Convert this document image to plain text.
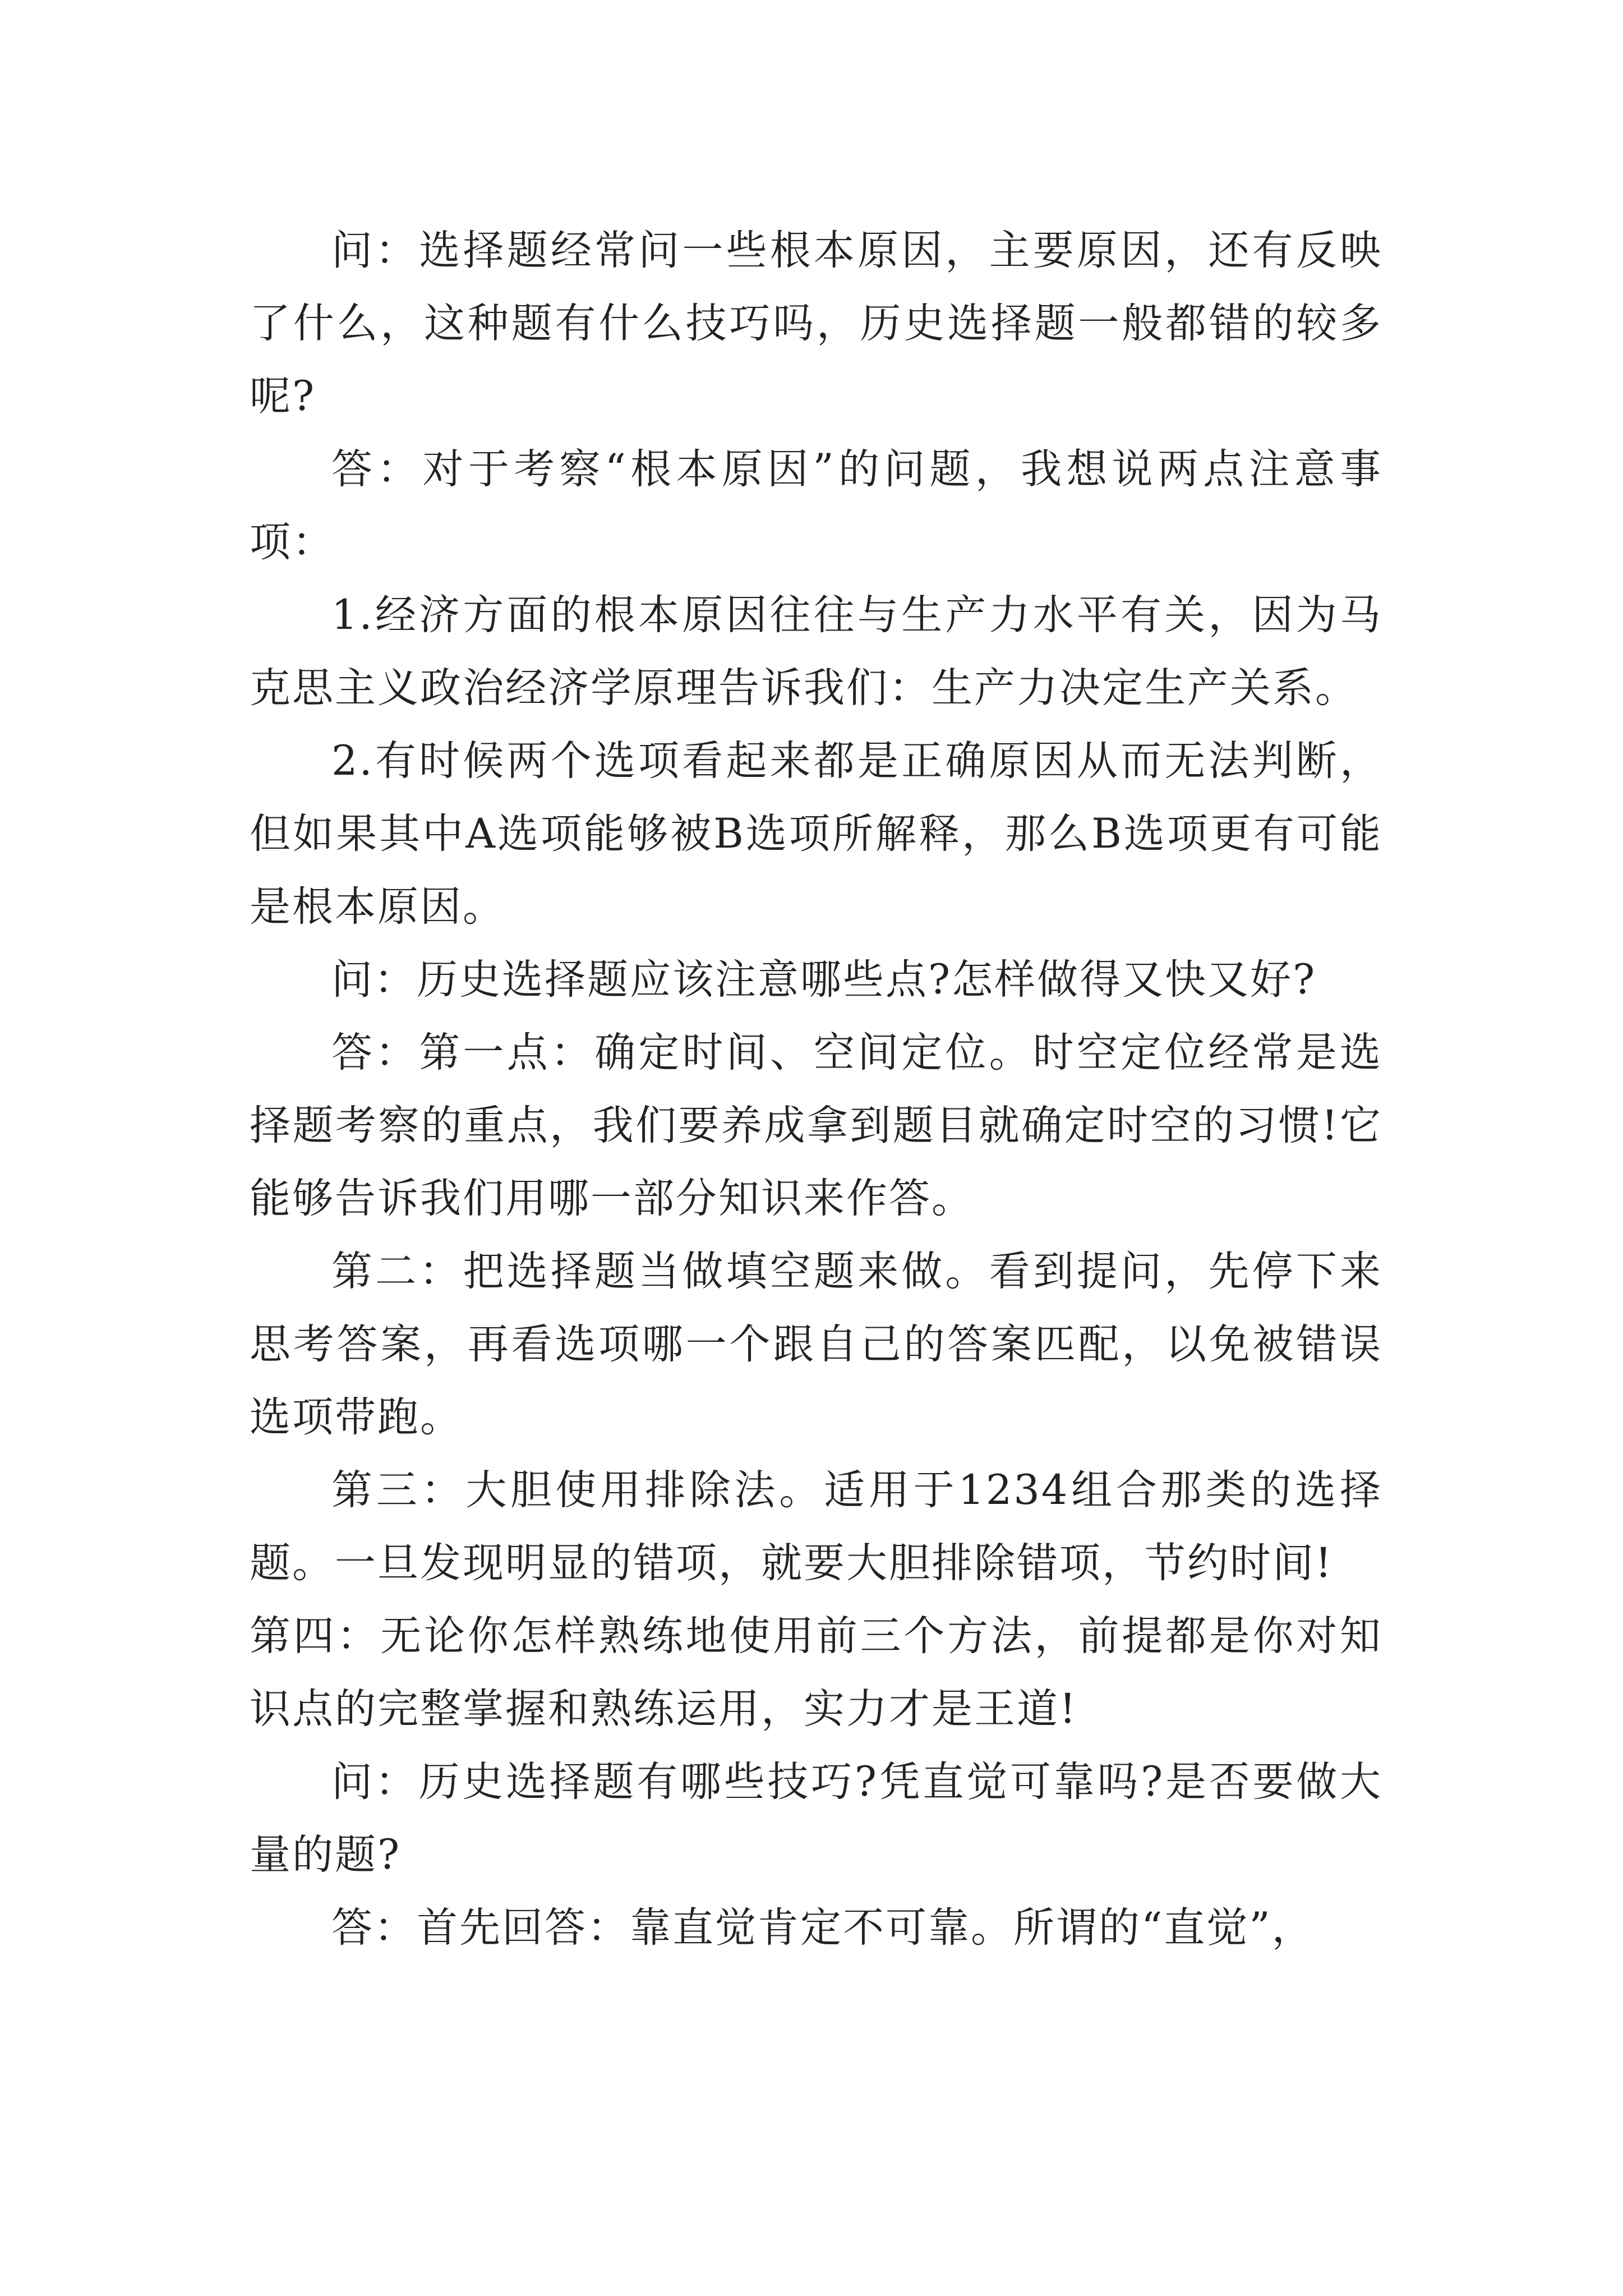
问：选择题经常问一些根本原因，主要原因，还有反映了什么，这种题有什么技巧吗，历史选择题一般都错的较多呢?

答：对于考察“根本原因”的问题，我想说两点注意事项：

1.经济方面的根本原因往往与生产力水平有关，因为马克思主义政治经济学原理告诉我们：生产力决定生产关系。

2.有时候两个选项看起来都是正确原因从而无法判断，但如果其中A选项能够被B选项所解释，那么B选项更有可能是根本原因。

问：历史选择题应该注意哪些点?怎样做得又快又好?

答：第一点：确定时间、空间定位。时空定位经常是选择题考察的重点，我们要养成拿到题目就确定时空的习惯!它能够告诉我们用哪一部分知识来作答。

第二：把选择题当做填空题来做。看到提问，先停下来思考答案，再看选项哪一个跟自己的答案匹配，以免被错误选项带跑。

第三：大胆使用排除法。适用于1234组合那类的选择题。一旦发现明显的错项，就要大胆排除错项，节约时间!

第四：无论你怎样熟练地使用前三个方法，前提都是你对知识点的完整掌握和熟练运用，实力才是王道!

问：历史选择题有哪些技巧?凭直觉可靠吗?是否要做大量的题?

答：首先回答：靠直觉肯定不可靠。所谓的“直觉”，
